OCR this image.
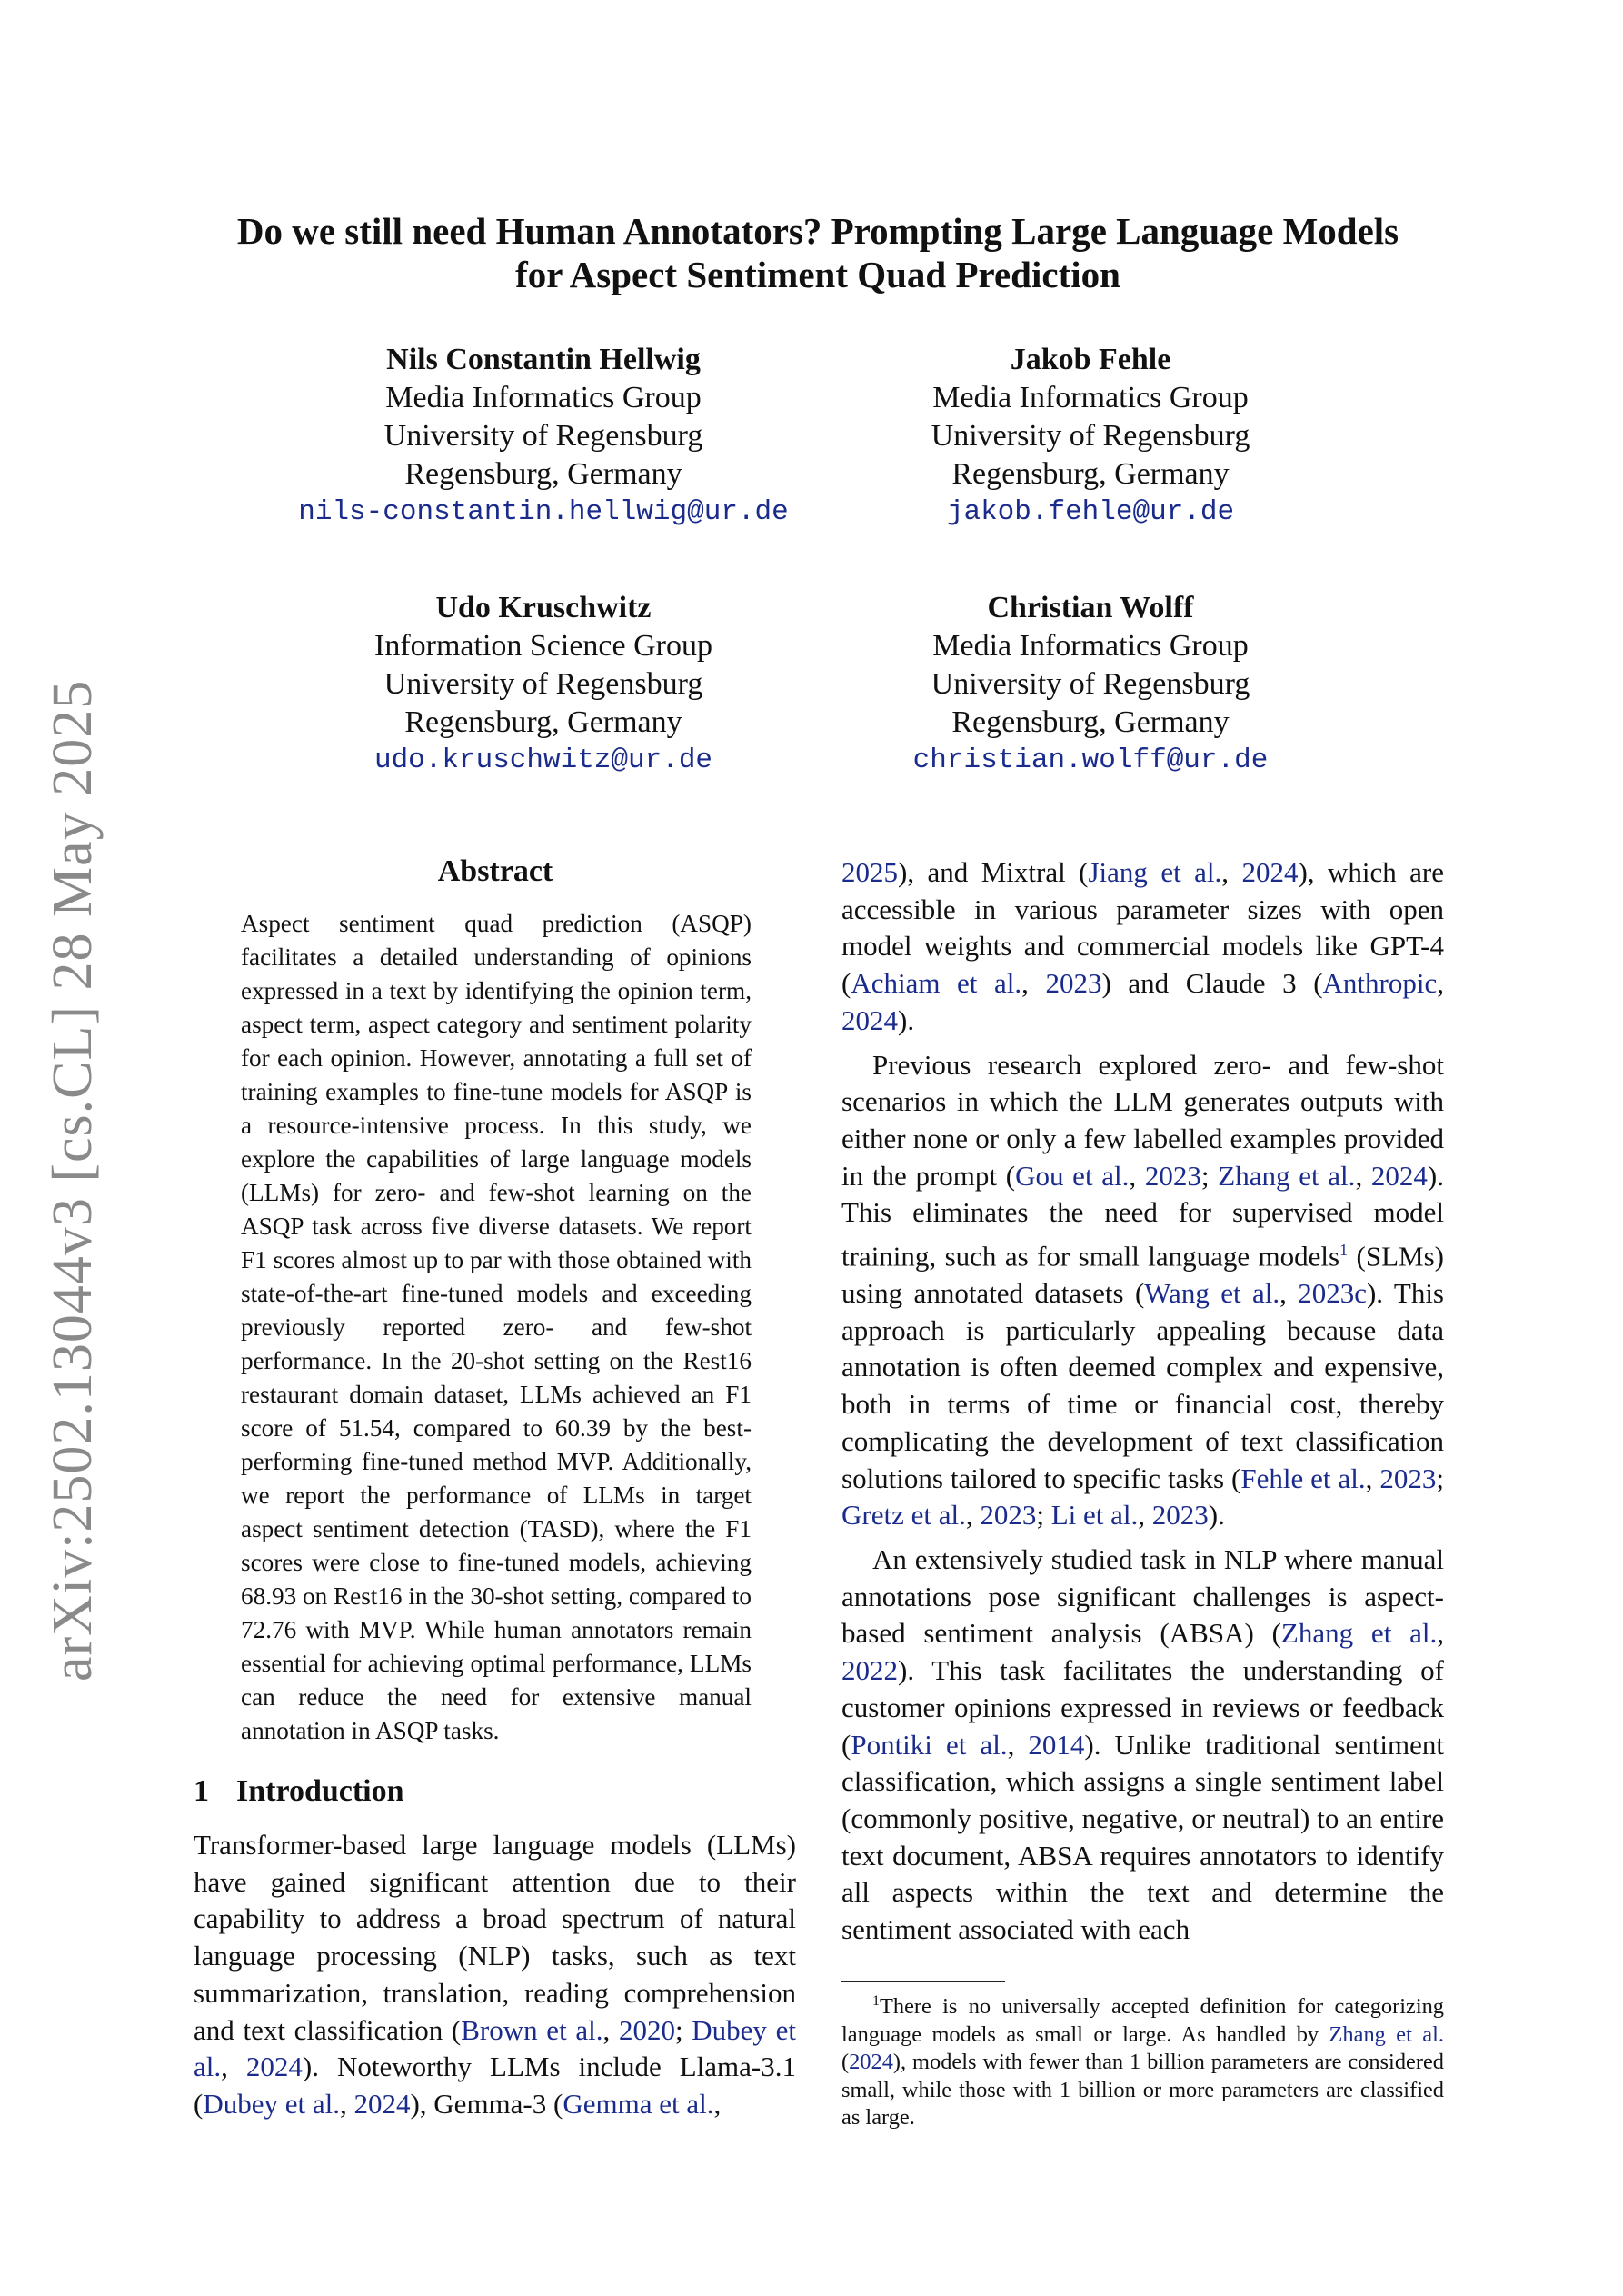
arXiv:2502.13044v3 [cs.CL] 28 May 2025
Do we still need Human Annotators? Prompting Large Language Models
for Aspect Sentiment Quad Prediction
Nils Constantin Hellwig
Media Informatics Group
University of Regensburg
Regensburg, Germany
nils-constantin.hellwig@ur.de
Jakob Fehle
Media Informatics Group
University of Regensburg
Regensburg, Germany
jakob.fehle@ur.de
Udo Kruschwitz
Information Science Group
University of Regensburg
Regensburg, Germany
udo.kruschwitz@ur.de
Christian Wolff
Media Informatics Group
University of Regensburg
Regensburg, Germany
christian.wolff@ur.de
Abstract
Aspect sentiment quad prediction (ASQP) facilitates a detailed understanding of opinions expressed in a text by identifying the opinion term, aspect term, aspect category and sentiment polarity for each opinion. However, annotating a full set of training examples to fine-tune models for ASQP is a resource-intensive process. In this study, we explore the capabilities of large language models (LLMs) for zero- and few-shot learning on the ASQP task across five diverse datasets. We report F1 scores almost up to par with those obtained with state-of-the-art fine-tuned models and exceeding previously reported zero- and few-shot performance. In the 20-shot setting on the Rest16 restaurant domain dataset, LLMs achieved an F1 score of 51.54, compared to 60.39 by the best-performing fine-tuned method MVP. Additionally, we report the performance of LLMs in target aspect sentiment detection (TASD), where the F1 scores were close to fine-tuned models, achieving 68.93 on Rest16 in the 30-shot setting, compared to 72.76 with MVP. While human annotators remain essential for achieving optimal performance, LLMs can reduce the need for extensive manual annotation in ASQP tasks.
1 Introduction
Transformer-based large language models (LLMs) have gained significant attention due to their capability to address a broad spectrum of natural language processing (NLP) tasks, such as text summarization, translation, reading comprehension and text classification (Brown et al., 2020; Dubey et al., 2024). Noteworthy LLMs include Llama-3.1 (Dubey et al., 2024), Gemma-3 (Gemma et al.,

2025), and Mixtral (Jiang et al., 2024), which are accessible in various parameter sizes with open model weights and commercial models like GPT-4 (Achiam et al., 2023) and Claude 3 (Anthropic, 2024).

Previous research explored zero- and few-shot scenarios in which the LLM generates outputs with either none or only a few labelled examples provided in the prompt (Gou et al., 2023; Zhang et al., 2024). This eliminates the need for supervised model training, such as for small language models$^1$ (SLMs) using annotated datasets (Wang et al., 2023c). This approach is particularly appealing because data annotation is often deemed complex and expensive, both in terms of time or financial cost, thereby complicating the development of text classification solutions tailored to specific tasks (Fehle et al., 2023; Gretz et al., 2023; Li et al., 2023).

An extensively studied task in NLP where manual annotations pose significant challenges is aspect-based sentiment analysis (ABSA) (Zhang et al., 2022). This task facilitates the understanding of customer opinions expressed in reviews or feedback (Pontiki et al., 2014). Unlike traditional sentiment classification, which assigns a single sentiment label (commonly positive, negative, or neutral) to an entire text document, ABSA requires annotators to identify all aspects within the text and determine the sentiment associated with each

$^1$There is no universally accepted definition for categorizing language models as small or large. As handled by Zhang et al. (2024), models with fewer than 1 billion parameters are considered small, while those with 1 billion or more parameters are classified as large.
